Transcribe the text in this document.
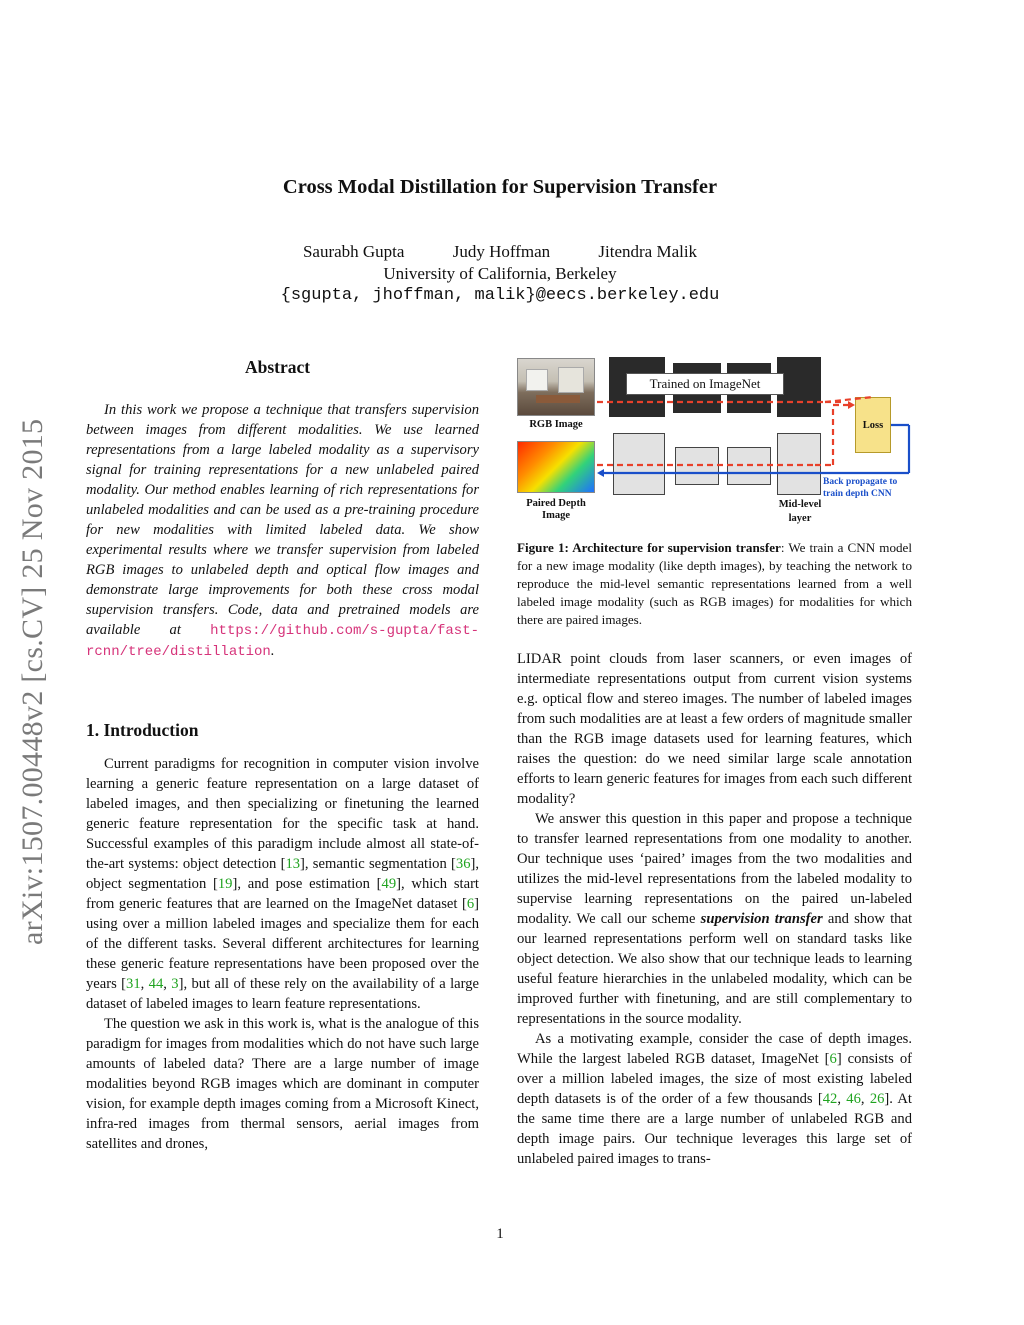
arXiv:1507.00448v2 [cs.CV] 25 Nov 2015
Cross Modal Distillation for Supervision Transfer
Saurabh Gupta	Judy Hoffman	Jitendra Malik
University of California, Berkeley
{sgupta, jhoffman, malik}@eecs.berkeley.edu
Abstract

In this work we propose a technique that transfers supervision between images from different modalities. We use learned representations from a large labeled modality as a supervisory signal for training representations for a new unlabeled paired modality. Our method enables learning of rich representations for unlabeled modalities and can be used as a pre-training procedure for new modalities with limited labeled data. We show experimental results where we transfer supervision from labeled RGB images to unlabeled depth and optical flow images and demonstrate large improvements for both these cross modal supervision transfers. Code, data and pretrained models are available at https://github.com/s-gupta/fast-rcnn/tree/distillation.

1. Introduction

Current paradigms for recognition in computer vision involve learning a generic feature representation on a large dataset of labeled images, and then specializing or finetuning the learned generic feature representation for the specific task at hand. Successful examples of this paradigm include almost all state-of-the-art systems: object detection [13], semantic segmentation [36], object segmentation [19], and pose estimation [49], which start from generic features that are learned on the ImageNet dataset [6] using over a million labeled images and specialize them for each of the different tasks. Several different architectures for learning these generic feature representations have been proposed over the years [31, 44, 3], but all of these rely on the availability of a large dataset of labeled images to learn feature representations.

The question we ask in this work is, what is the analogue of this paradigm for images from modalities which do not have such large amounts of labeled data? There are a large number of image modalities beyond RGB images which are dominant in computer vision, for example depth images coming from a Microsoft Kinect, infra-red images from thermal sensors, aerial images from satellites and drones,

RGB Image
Paired Depth Image
Trained on ImageNet
Loss
Mid-level layer
Back propagate to train depth CNN
Figure 1: Architecture for supervision transfer: We train a CNN model for a new image modality (like depth images), by teaching the network to reproduce the mid-level semantic representations learned from a well labeled image modality (such as RGB images) for modalities for which there are paired images.

LIDAR point clouds from laser scanners, or even images of intermediate representations output from current vision systems e.g. optical flow and stereo images. The number of labeled images from such modalities are at least a few orders of magnitude smaller than the RGB image datasets used for learning features, which raises the question: do we need similar large scale annotation efforts to learn generic features for images from each such different modality?

We answer this question in this paper and propose a technique to transfer learned representations from one modality to another. Our technique uses ‘paired’ images from the two modalities and utilizes the mid-level representations from the labeled modality to supervise learning representations on the paired un-labeled modality. We call our scheme supervision transfer and show that our learned representations perform well on standard tasks like object detection. We also show that our technique leads to learning useful feature hierarchies in the unlabeled modality, which can be improved further with finetuning, and are still complementary to representations in the source modality.

As a motivating example, consider the case of depth images. While the largest labeled RGB dataset, ImageNet [6] consists of over a million labeled images, the size of most existing labeled depth datasets is of the order of a few thousands [42, 46, 26]. At the same time there are a large number of unlabeled RGB and depth image pairs. Our technique leverages this large set of unlabeled paired images to trans-

1
